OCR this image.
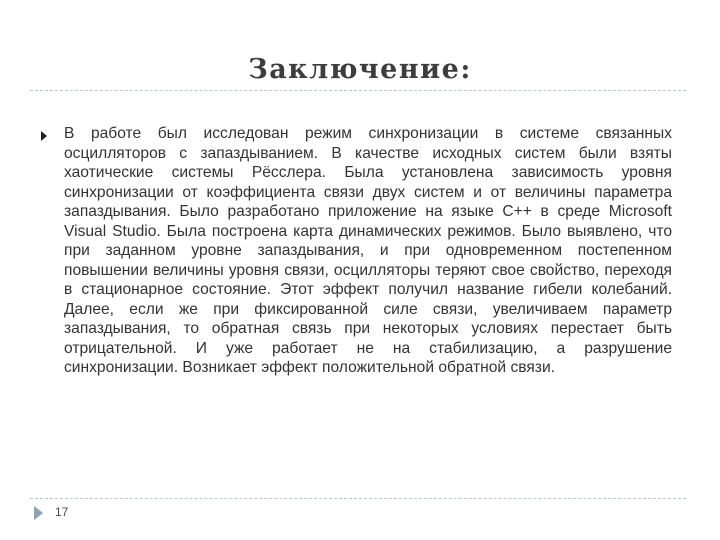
Заключение:

В работе был исследован режим синхронизации в системе связанных осцилляторов с запаздыванием. В качестве исходных систем были взяты хаотические системы Рёсслера. Была установлена зависимость уровня синхронизации от коэффициента связи двух систем и от величины параметра запаздывания. Было разработано приложение на языке C++ в среде Microsoft Visual Studio. Была построена карта динамических режимов. Было выявлено, что при заданном уровне запаздывания, и при одновременном постепенном повышении величины уровня связи, осцилляторы теряют свое свойство, переходя в стационарное состояние. Этот эффект получил название гибели колебаний. Далее, если же при фиксированной силе связи, увеличиваем параметр запаздывания, то обратная связь при некоторых условиях перестает быть отрицательной. И уже работает не на стабилизацию, а разрушение синхронизации. Возникает эффект положительной обратной связи.

17
